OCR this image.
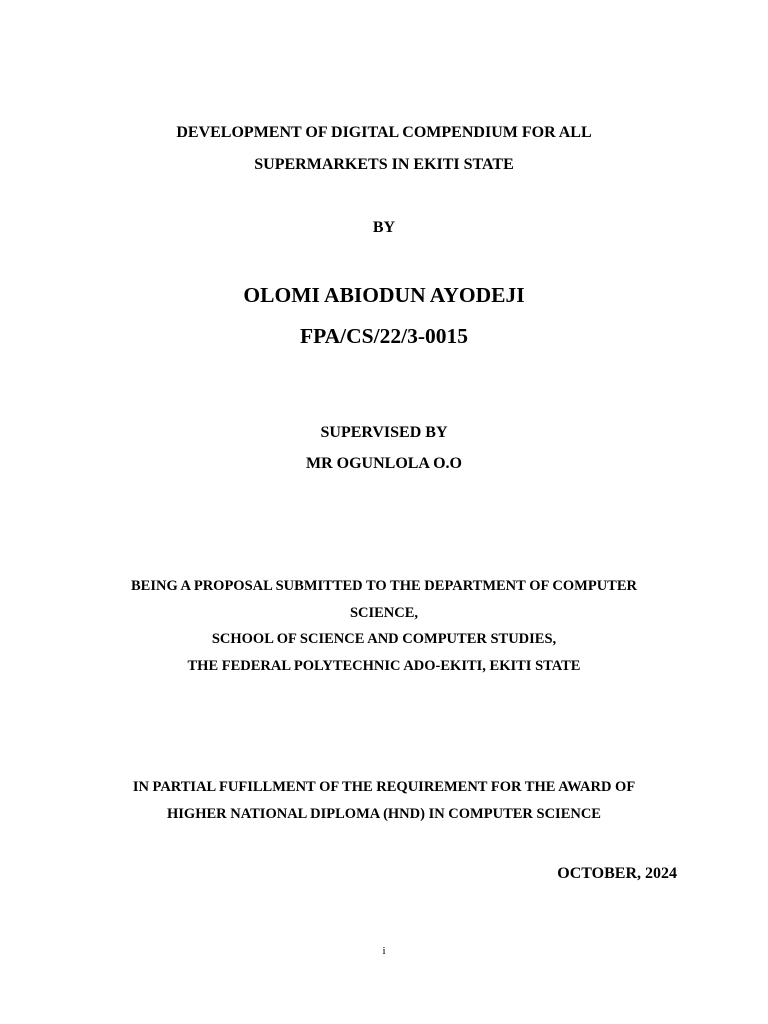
DEVELOPMENT OF DIGITAL COMPENDIUM FOR ALL
SUPERMARKETS IN EKITI STATE
BY
OLOMI ABIODUN AYODEJI
FPA/CS/22/3-0015
SUPERVISED BY
MR OGUNLOLA O.O
BEING A PROPOSAL SUBMITTED TO THE DEPARTMENT OF COMPUTER
SCIENCE,
SCHOOL OF SCIENCE AND COMPUTER STUDIES,
THE FEDERAL POLYTECHNIC ADO-EKITI, EKITI STATE
IN PARTIAL FUFILLMENT OF THE REQUIREMENT FOR THE AWARD OF
HIGHER NATIONAL DIPLOMA (HND) IN COMPUTER SCIENCE
OCTOBER, 2024
i
